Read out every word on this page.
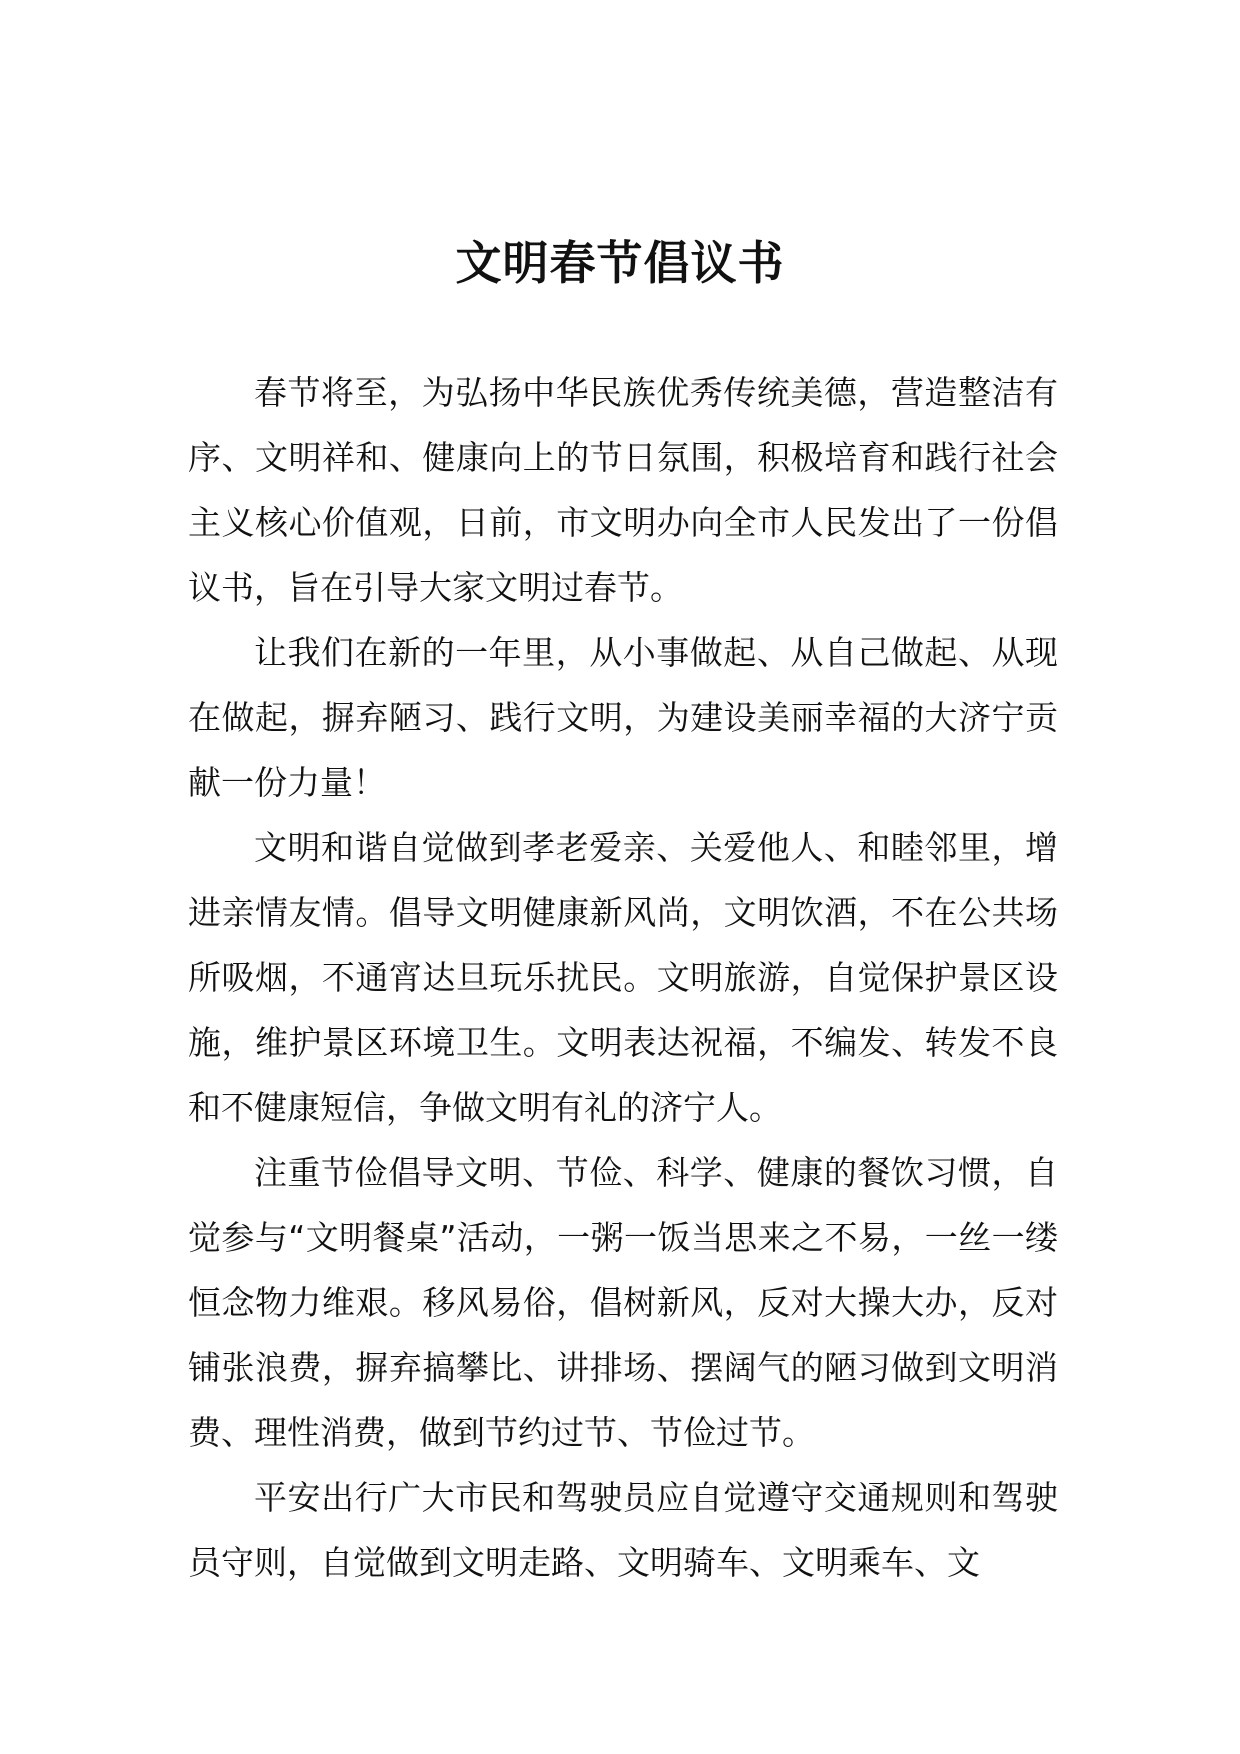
文明春节倡议书

春节将至，为弘扬中华民族优秀传统美德，营造整洁有序、文明祥和、健康向上的节日氛围，积极培育和践行社会主义核心价值观，日前，市文明办向全市人民发出了一份倡议书，旨在引导大家文明过春节。

让我们在新的一年里，从小事做起、从自己做起、从现在做起，摒弃陋习、践行文明，为建设美丽幸福的大济宁贡献一份力量！

文明和谐自觉做到孝老爱亲、关爱他人、和睦邻里，增进亲情友情。倡导文明健康新风尚，文明饮酒，不在公共场所吸烟，不通宵达旦玩乐扰民。文明旅游，自觉保护景区设施，维护景区环境卫生。文明表达祝福，不编发、转发不良和不健康短信，争做文明有礼的济宁人。

注重节俭倡导文明、节俭、科学、健康的餐饮习惯，自觉参与“文明餐桌”活动，一粥一饭当思来之不易，一丝一缕恒念物力维艰。移风易俗，倡树新风，反对大操大办，反对铺张浪费，摒弃搞攀比、讲排场、摆阔气的陋习做到文明消费、理性消费，做到节约过节、节俭过节。

平安出行广大市民和驾驶员应自觉遵守交通规则和驾驶员守则，自觉做到文明走路、文明骑车、文明乘车、文
